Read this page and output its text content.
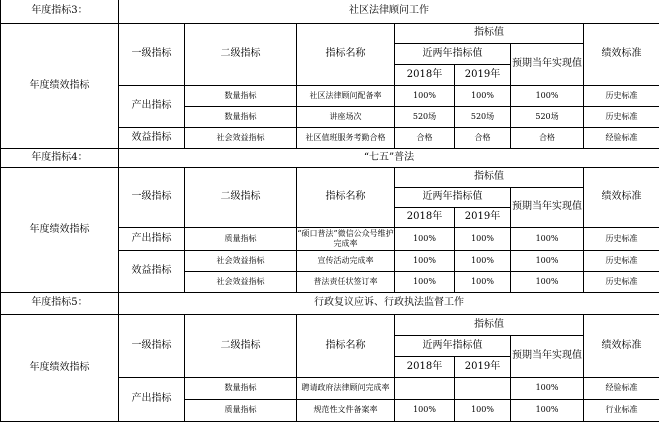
年度指标3：	社区法律顾问工作						
年度绩效指标	一级指标	二级指标	指标名称	指标值			绩效标准
				近两年指标值		预期当年实现值	
				2018年	2019年		
	产出指标	数量指标	社区法律顾问配备率	100%	100%	100%	历史标准
		数量指标	讲座场次	520场	520场	520场	历史标准
	效益指标	社会效益指标	社区值班服务考勤合格	合格	合格	合格	经验标准
年度指标4：	“七五”普法						
年度绩效指标	一级指标	二级指标	指标名称	指标值			绩效标准
				近两年指标值		预期当年实现值	
				2018年	2019年		
	产出指标	质量指标	“硕口普法”微信公众号维护完成率	100%	100%	100%	历史标准
	效益指标	社会效益指标	宣传活动完成率	100%	100%	100%	历史标准
		社会效益指标	普法责任状签订率	100%	100%	100%	历史标准
年度指标5：	行政复议应诉、行政执法监督工作						
年度绩效指标	一级指标	二级指标	指标名称	指标值			绩效标准
				近两年指标值		预期当年实现值	
				2018年	2019年		
	产出指标	数量指标	聘请政府法律顾问完成率			100%	经验标准
		质量指标	规范性文件备案率	100%	100%	100%	行业标准
